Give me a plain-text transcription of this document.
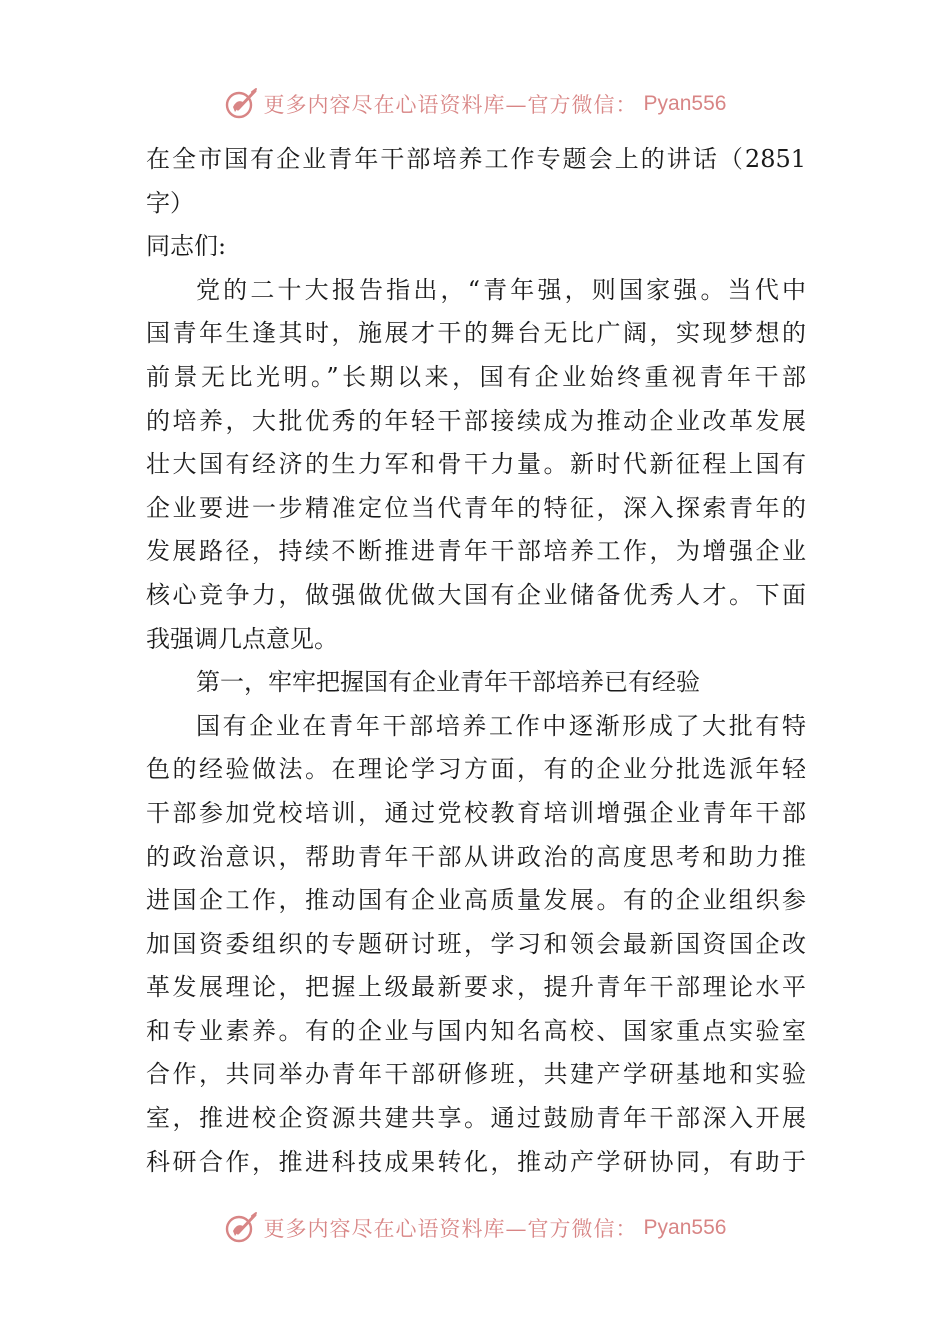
更多内容尽在心语资料库—官方微信： Pyan556
在全市国有企业青年干部培养工作专题会上的讲话（2851
字）
同志们:
党的二十大报告指出，“青年强，则国家强。当代中
国青年生逢其时，施展才干的舞台无比广阔，实现梦想的
前景无比光明。”长期以来，国有企业始终重视青年干部
的培养，大批优秀的年轻干部接续成为推动企业改革发展
壮大国有经济的生力军和骨干力量。新时代新征程上国有
企业要进一步精准定位当代青年的特征，深入探索青年的
发展路径，持续不断推进青年干部培养工作，为增强企业
核心竞争力，做强做优做大国有企业储备优秀人才。下面
我强调几点意见。
第一，牢牢把握国有企业青年干部培养已有经验
国有企业在青年干部培养工作中逐渐形成了大批有特
色的经验做法。在理论学习方面，有的企业分批选派年轻
干部参加党校培训，通过党校教育培训增强企业青年干部
的政治意识，帮助青年干部从讲政治的高度思考和助力推
进国企工作，推动国有企业高质量发展。有的企业组织参
加国资委组织的专题研讨班，学习和领会最新国资国企改
革发展理论，把握上级最新要求，提升青年干部理论水平
和专业素养。有的企业与国内知名高校、国家重点实验室
合作，共同举办青年干部研修班，共建产学研基地和实验
室，推进校企资源共建共享。通过鼓励青年干部深入开展
科研合作，推进科技成果转化，推动产学研协同，有助于
更多内容尽在心语资料库—官方微信： Pyan556
